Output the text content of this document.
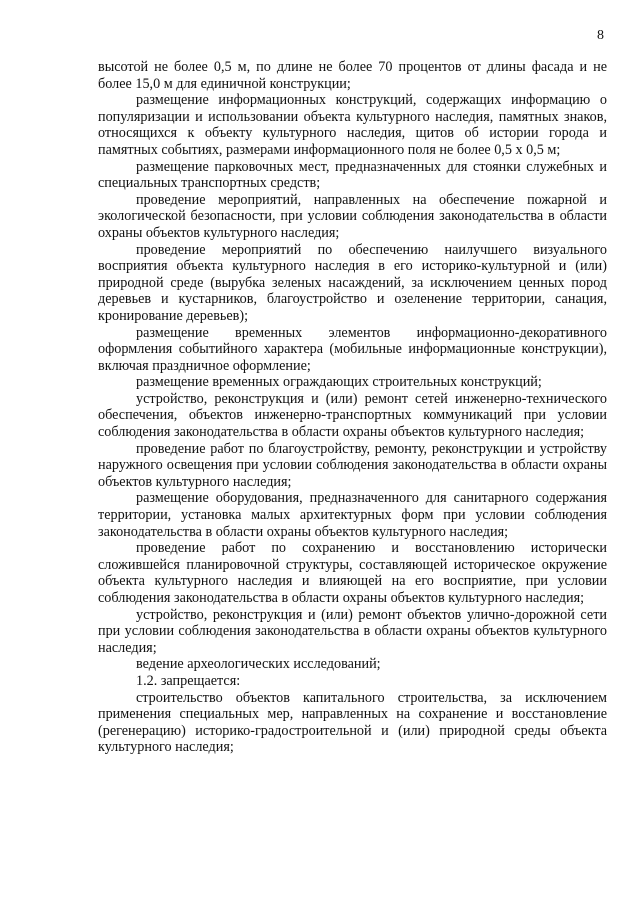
8

высотой не более 0,5 м, по длине не более 70 процентов от длины фасада и не более 15,0 м для единичной конструкции;

размещение информационных конструкций, содержащих информацию о популяризации и использовании объекта культурного наследия, памятных знаков, относящихся к объекту культурного наследия, щитов об истории города и памятных событиях, размерами информационного поля не более 0,5 х 0,5 м;

размещение парковочных мест, предназначенных для стоянки служебных и специальных транспортных средств;

проведение мероприятий, направленных на обеспечение пожарной и экологической безопасности, при условии соблюдения законодательства в области охраны объектов культурного наследия;

проведение мероприятий по обеспечению наилучшего визуального восприятия объекта культурного наследия в его историко-культурной и (или) природной среде (вырубка зеленых насаждений, за исключением ценных пород деревьев и кустарников, благоустройство и озеленение территории, санация, кронирование деревьев);

размещение временных элементов информационно-декоративного оформления событийного характера (мобильные информационные конструкции), включая праздничное оформление;

размещение временных ограждающих строительных конструкций;

устройство, реконструкция и (или) ремонт сетей инженерно-технического обеспечения, объектов инженерно-транспортных коммуникаций при условии соблюдения законодательства в области охраны объектов культурного наследия;

проведение работ по благоустройству, ремонту, реконструкции и устройству наружного освещения при условии соблюдения законодательства в области охраны объектов культурного наследия;

размещение оборудования, предназначенного для санитарного содержания территории, установка малых архитектурных форм при условии соблюдения законодательства в области охраны объектов культурного наследия;

проведение работ по сохранению и восстановлению исторически сложившейся планировочной структуры, составляющей историческое окружение объекта культурного наследия и влияющей на его восприятие, при условии соблюдения законодательства в области охраны объектов культурного наследия;

устройство, реконструкция и (или) ремонт объектов улично-дорожной сети при условии соблюдения законодательства в области охраны объектов культурного наследия;

ведение археологических исследований;

1.2. запрещается:

строительство объектов капитального строительства, за исключением применения специальных мер, направленных на сохранение и восстановление (регенерацию) историко-градостроительной и (или) природной среды объекта культурного наследия;
